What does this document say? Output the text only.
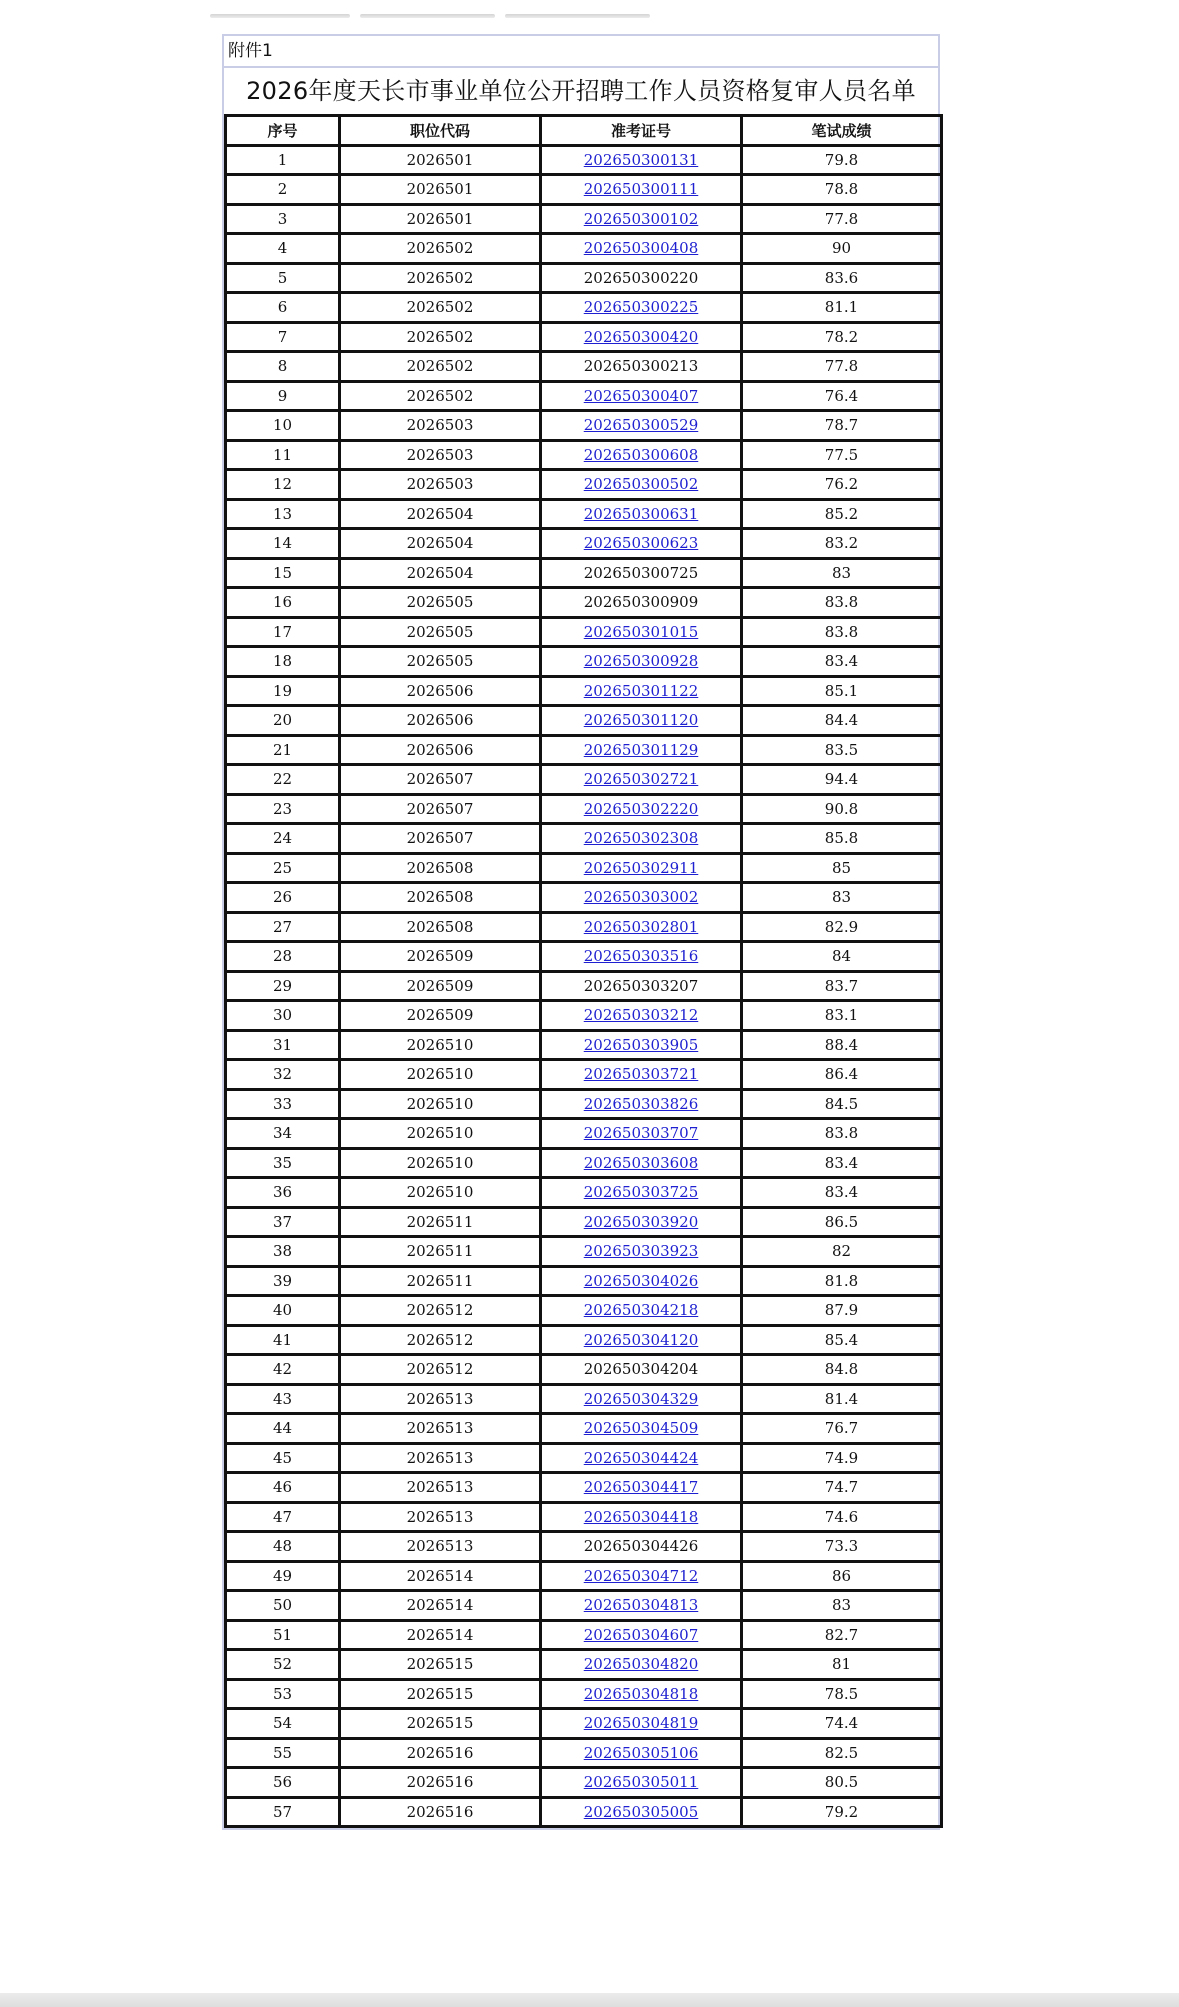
附件1
2026年度天长市事业单位公开招聘工作人员资格复审人员名单
序号	职位代码	准考证号	笔试成绩
1	2026501	202650300131	79.8
2	2026501	202650300111	78.8
3	2026501	202650300102	77.8
4	2026502	202650300408	90
5	2026502	202650300220	83.6
6	2026502	202650300225	81.1
7	2026502	202650300420	78.2
8	2026502	202650300213	77.8
9	2026502	202650300407	76.4
10	2026503	202650300529	78.7
11	2026503	202650300608	77.5
12	2026503	202650300502	76.2
13	2026504	202650300631	85.2
14	2026504	202650300623	83.2
15	2026504	202650300725	83
16	2026505	202650300909	83.8
17	2026505	202650301015	83.8
18	2026505	202650300928	83.4
19	2026506	202650301122	85.1
20	2026506	202650301120	84.4
21	2026506	202650301129	83.5
22	2026507	202650302721	94.4
23	2026507	202650302220	90.8
24	2026507	202650302308	85.8
25	2026508	202650302911	85
26	2026508	202650303002	83
27	2026508	202650302801	82.9
28	2026509	202650303516	84
29	2026509	202650303207	83.7
30	2026509	202650303212	83.1
31	2026510	202650303905	88.4
32	2026510	202650303721	86.4
33	2026510	202650303826	84.5
34	2026510	202650303707	83.8
35	2026510	202650303608	83.4
36	2026510	202650303725	83.4
37	2026511	202650303920	86.5
38	2026511	202650303923	82
39	2026511	202650304026	81.8
40	2026512	202650304218	87.9
41	2026512	202650304120	85.4
42	2026512	202650304204	84.8
43	2026513	202650304329	81.4
44	2026513	202650304509	76.7
45	2026513	202650304424	74.9
46	2026513	202650304417	74.7
47	2026513	202650304418	74.6
48	2026513	202650304426	73.3
49	2026514	202650304712	86
50	2026514	202650304813	83
51	2026514	202650304607	82.7
52	2026515	202650304820	81
53	2026515	202650304818	78.5
54	2026515	202650304819	74.4
55	2026516	202650305106	82.5
56	2026516	202650305011	80.5
57	2026516	202650305005	79.2
